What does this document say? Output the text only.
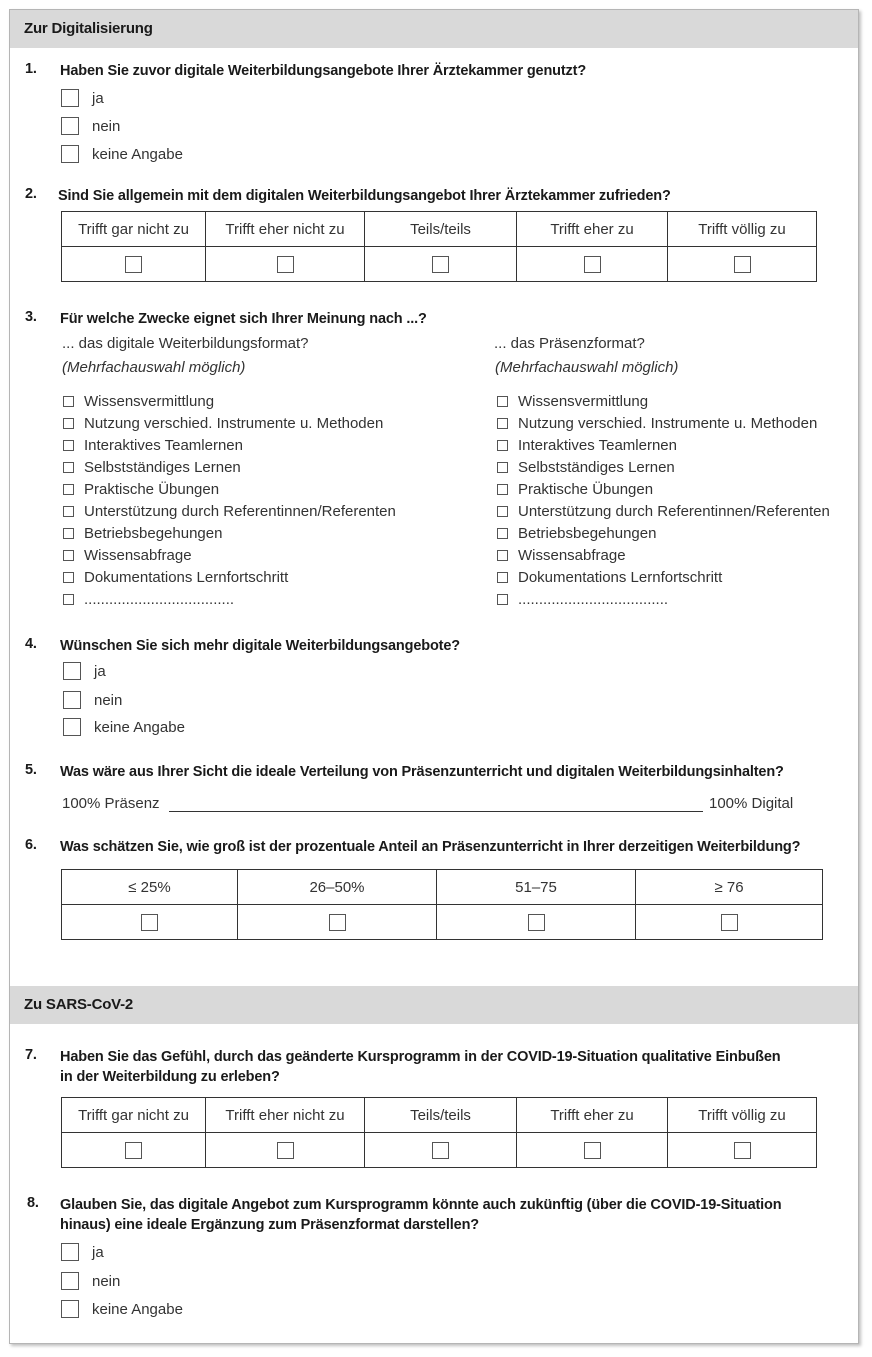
Zur Digitalisierung
1.	Haben Sie zuvor digitale Weiterbildungsangebote Ihrer Ärztekammer genutzt?
ja
nein
keine Angabe
2.	Sind Sie allgemein mit dem digitalen Weiterbildungsangebot Ihrer Ärztekammer zufrieden?
Trifft gar nicht zu	Trifft eher nicht zu	Teils/teils	Trifft eher zu	Trifft völlig zu

3.	Für welche Zwecke eignet sich Ihrer Meinung nach ...?
... das digitale Weiterbildungsformat?
(Mehrfachauswahl möglich)
... das Präsenzformat?
(Mehrfachauswahl möglich)
Wissensvermittlung
Nutzung verschied. Instrumente u. Methoden
Interaktives Teamlernen
Selbstständiges Lernen
Praktische Übungen
Unterstützung durch Referentinnen/Referenten
Betriebsbegehungen
Wissensabfrage
Dokumentations Lernfortschritt
....................................
Wissensvermittlung
Nutzung verschied. Instrumente u. Methoden
Interaktives Teamlernen
Selbstständiges Lernen
Praktische Übungen
Unterstützung durch Referentinnen/Referenten
Betriebsbegehungen
Wissensabfrage
Dokumentations Lernfortschritt
....................................
4.	Wünschen Sie sich mehr digitale Weiterbildungsangebote?
ja
nein
keine Angabe
5.	Was wäre aus Ihrer Sicht die ideale Verteilung von Präsenzunterricht und digitalen Weiterbildungsinhalten?
100% Präsenz	100% Digital
6.	Was schätzen Sie, wie groß ist der prozentuale Anteil an Präsenzunterricht in Ihrer derzeitigen Weiterbildung?
≤ 25%	26–50%	51–75	≥ 76

Zu SARS-CoV-2
7.	Haben Sie das Gefühl, durch das geänderte Kursprogramm in der COVID-19-Situation qualitative Einbußen
in der Weiterbildung zu erleben?
Trifft gar nicht zu	Trifft eher nicht zu	Teils/teils	Trifft eher zu	Trifft völlig zu

8.	Glauben Sie, das digitale Angebot zum Kursprogramm könnte auch zukünftig (über die COVID-19-Situation
hinaus) eine ideale Ergänzung zum Präsenzformat darstellen?
ja
nein
keine Angabe
